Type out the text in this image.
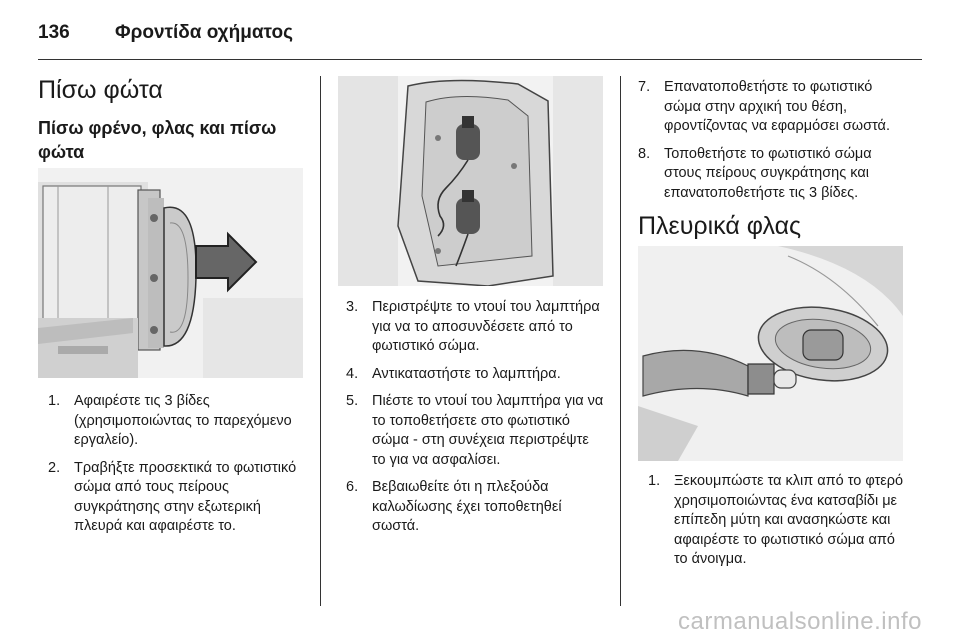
136 Φροντίδα οχήματος
Πίσω φώτα
Πίσω φρένο, φλας και πίσω φώτα
1. Αφαιρέστε τις 3 βίδες (χρησιμοποιώντας το παρεχόμενο εργαλείο).
2. Τραβήξτε προσεκτικά το φωτιστικό σώμα από τους πείρους συγκράτησης στην εξωτερική πλευρά και αφαιρέστε το.
3. Περιστρέψτε το ντουί του λαμπτήρα για να το αποσυνδέσετε από το φωτιστικό σώμα.
4. Αντικαταστήστε το λαμπτήρα.
5. Πιέστε το ντουί του λαμπτήρα για να το τοποθετήσετε στο φωτιστικό σώμα - στη συνέχεια περιστρέψτε το για να ασφαλίσει.
6. Βεβαιωθείτε ότι η πλεξούδα καλωδίωσης έχει τοποθετηθεί σωστά.
7. Επανατοποθετήστε το φωτιστικό σώμα στην αρχική του θέση, φροντίζοντας να εφαρμόσει σωστά.
8. Τοποθετήστε το φωτιστικό σώμα στους πείρους συγκράτησης και επανατοποθετήστε τις 3 βίδες.
Πλευρικά φλας
1. Ξεκουμπώστε τα κλιπ από το φτερό χρησιμοποιώντας ένα κατσαβίδι με επίπεδη μύτη και ανασηκώστε και αφαιρέστε το φωτιστικό σώμα από το άνοιγμα.
carmanualsonline.info
